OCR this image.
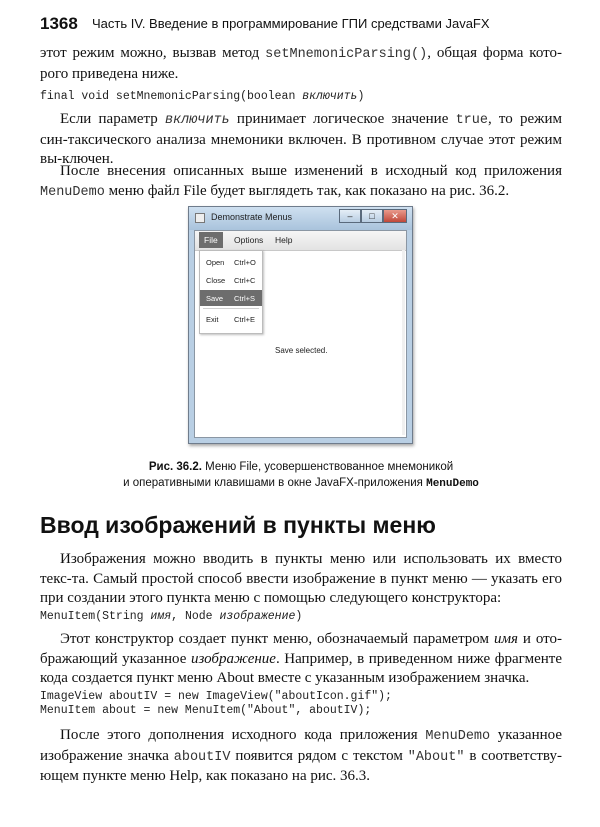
1368 Часть IV. Введение в программирование ГПИ средствами JavaFX
этот режим можно, вызвав метод setMnemonicParsing(), общая форма кото-рого приведена ниже.
final void setMnemonicParsing(boolean включить)
Если параметр включить принимает логическое значение true, то режим син-таксического анализа мнемоники включен. В противном случае этот режим вы-ключен.
После внесения описанных выше изменений в исходный код приложения MenuDemo меню файл File будет выглядеть так, как показано на рис. 36.2.
Demonstrate Menus	–	□	✕
File	Options Help
Open Ctrl+O
Close Ctrl+C
Save Ctrl+S
Exit Ctrl+E
Save selected.
Рис. 36.2. Меню File, усовершенствованное мнемоникой
и оперативными клавишами в окне JavaFX-приложения MenuDemo
Ввод изображений в пункты меню
Изображения можно вводить в пункты меню или использовать их вместо текс-та. Самый простой способ ввести изображение в пункт меню — указать его при создании этого пункта меню с помощью следующего конструктора:
MenuItem(String имя, Node изображение)
Этот конструктор создает пункт меню, обозначаемый параметром имя и ото-бражающий указанное изображение. Например, в приведенном ниже фрагменте кода создается пункт меню About вместе с указанным изображением значка.
ImageView aboutIV = new ImageView("aboutIcon.gif");
MenuItem about = new MenuItem("About", aboutIV);
После этого дополнения исходного кода приложения MenuDemo указанное изображение значка aboutIV появится рядом с текстом "About" в соответству-ющем пункте меню Help, как показано на рис. 36.3.
